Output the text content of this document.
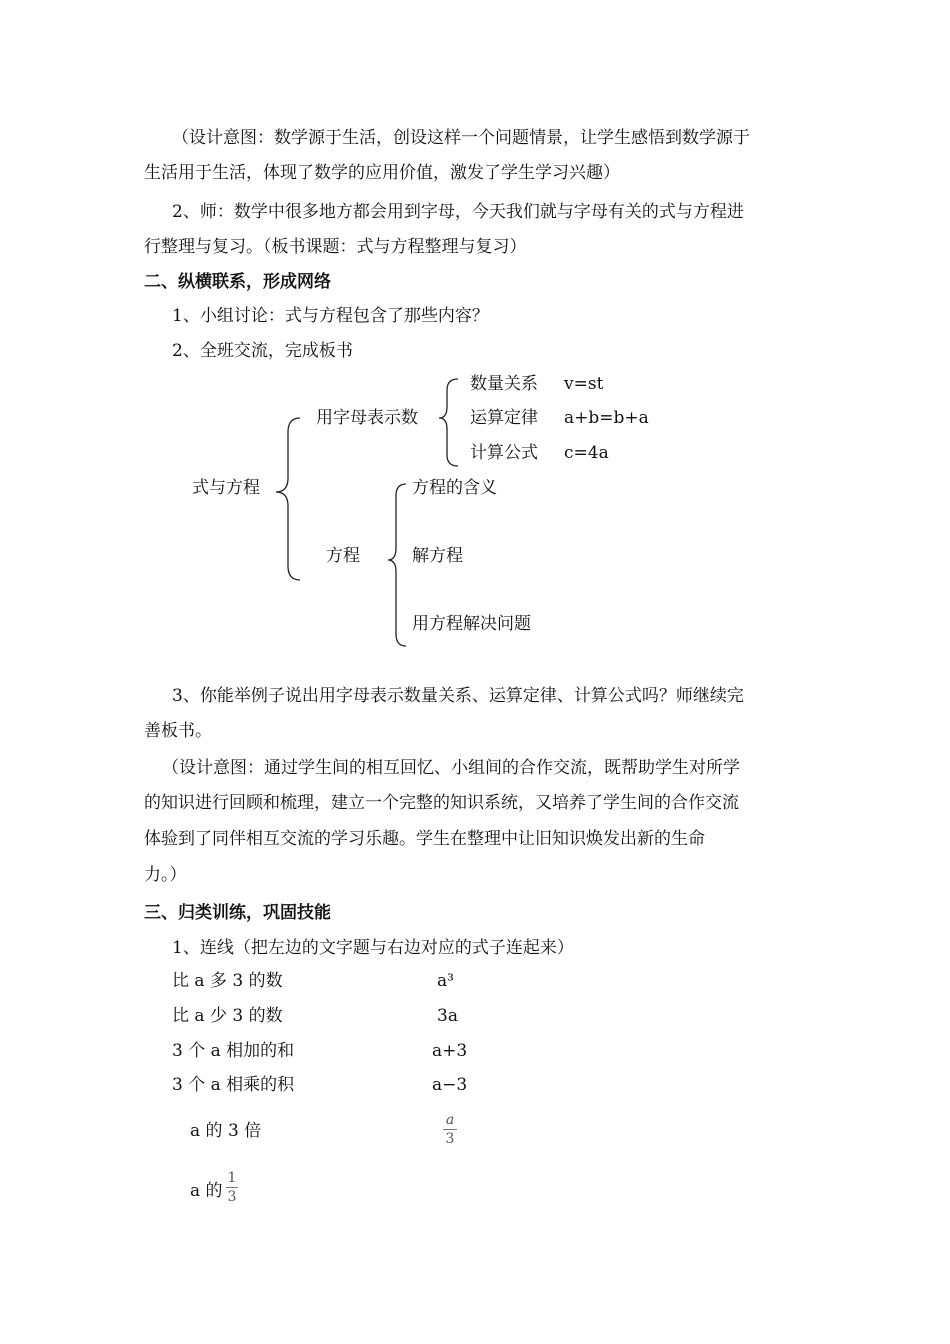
（设计意图：数学源于生活，创设这样一个问题情景，让学生感悟到数学源于
生活用于生活，体现了数学的应用价值，激发了学生学习兴趣）
2、师：数学中很多地方都会用到字母，今天我们就与字母有关的式与方程进
行整理与复习。（板书课题：式与方程整理与复习）
二、纵横联系，形成网络
1、小组讨论：式与方程包含了那些内容？
2、全班交流，完成板书
式与方程
用字母表示数
数量关系 v=st
运算定律 a+b=b+a
计算公式 c=4a
方程
方程的含义
解方程
用方程解决问题
3、你能举例子说出用字母表示数量关系、运算定律、计算公式吗？师继续完
善板书。
（设计意图：通过学生间的相互回忆、小组间的合作交流，既帮助学生对所学
的知识进行回顾和梳理，建立一个完整的知识系统，又培养了学生间的合作交流
体验到了同伴相互交流的学习乐趣。学生在整理中让旧知识焕发出新的生命
力。）
三、归类训练，巩固技能
1、连线（把左边的文字题与右边对应的式子连起来）
比 a 多 3 的数
比 a 少 3 的数
3 个 a 相加的和
3 个 a 相乘的积
a 的 3 倍
a 的
1
3
a³
3a
a+3
a−3
a
3
